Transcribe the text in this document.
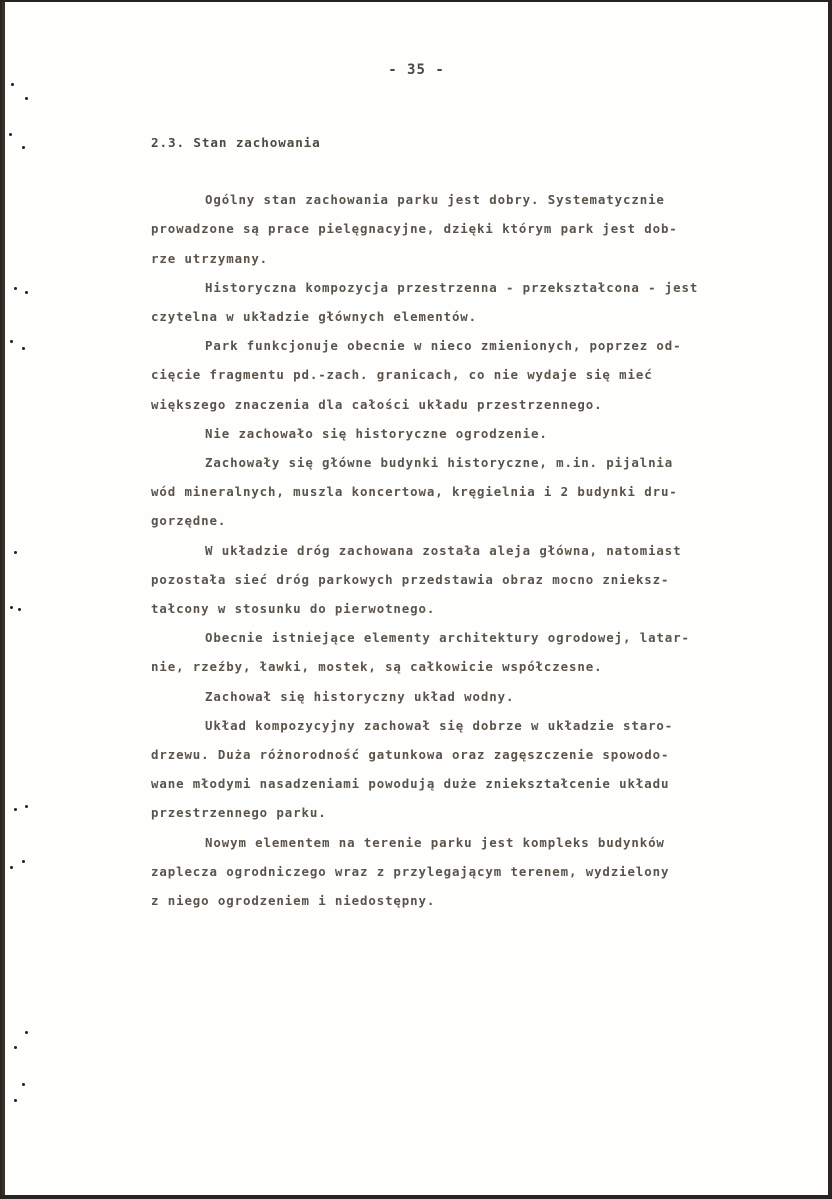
- 35 -
2.3. Stan zachowania
Ogólny stan zachowania parku jest dobry. Systematycznie
prowadzone są prace pielęgnacyjne, dzięki którym park jest dob-
rze utrzymany.
Historyczna kompozycja przestrzenna - przekształcona - jest
czytelna w układzie głównych elementów.
Park funkcjonuje obecnie w nieco zmienionych, poprzez od-
cięcie fragmentu pd.-zach. granicach, co nie wydaje się mieć
większego znaczenia dla całości układu przestrzennego.
Nie zachowało się historyczne ogrodzenie.
Zachowały się główne budynki historyczne, m.in. pijalnia
wód mineralnych, muszla koncertowa, kręgielnia i 2 budynki dru-
gorzędne.
W układzie dróg zachowana została aleja główna, natomiast
pozostała sieć dróg parkowych przedstawia obraz mocno znieksz-
tałcony w stosunku do pierwotnego.
Obecnie istniejące elementy architektury ogrodowej, latar-
nie, rzeźby, ławki, mostek, są całkowicie współczesne.
Zachował się historyczny układ wodny.
Układ kompozycyjny zachował się dobrze w układzie staro-
drzewu. Duża różnorodność gatunkowa oraz zagęszczenie spowodo-
wane młodymi nasadzeniami powodują duże zniekształcenie układu
przestrzennego parku.
Nowym elementem na terenie parku jest kompleks budynków
zaplecza ogrodniczego wraz z przylegającym terenem, wydzielony
z niego ogrodzeniem i niedostępny.
